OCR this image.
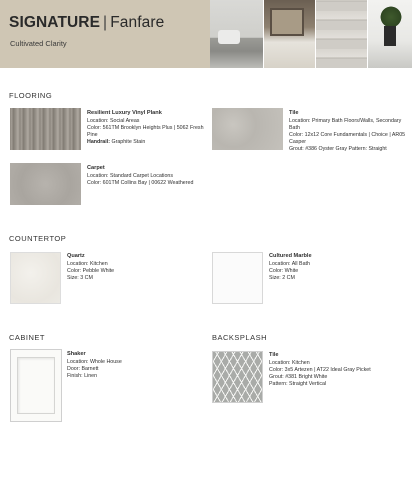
SIGNATURE | Fanfare
Cultivated Clarity
FLOORING
Resilient Luxury Vinyl Plank
Location: Social Areas
Color: 561TM Brooklyn Heights Plus | 5062 Fresh Pine
Handrail: Graphite Stain
Tile
Location: Primary Bath Floors/Walls, Secondary Bath
Color: 12x12 Core Fundamentals | Choice | AR05 Casper
Grout: #386 Oyster Gray Pattern: Straight
Carpet
Location: Standard Carpet Locations
Color: 601TM Collins Bay | 00622 Weathered
COUNTERTOP
Quartz
Location: Kitchen
Color: Pebble White
Size: 3 CM
Cultured Marble
Location: All Bath
Color: White
Size: 2 CM
CABINET
Shaker
Location: Whole House
Door: Barnett
Finish: Linen
BACKSPLASH
Tile
Location: Kitchen
Color: 3x5 Artezen | AT22 Ideal Gray Picket
Grout: #381 Bright White
Pattern: Straight Vertical
